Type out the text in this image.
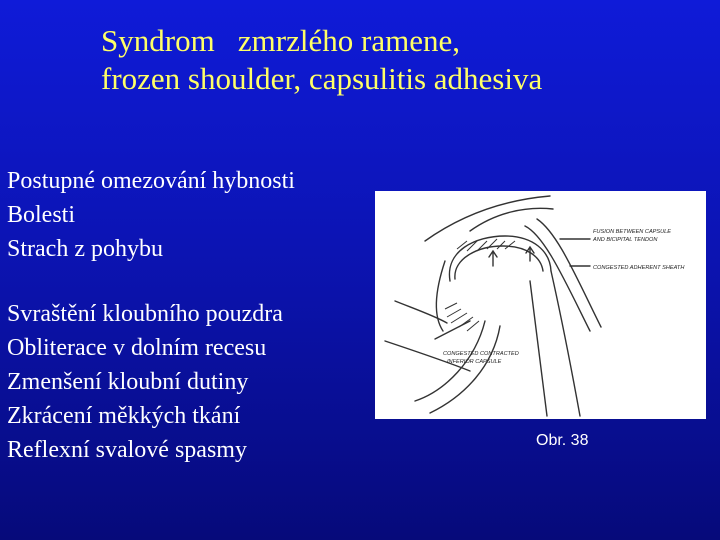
Syndrom   zmrzlého ramene,
frozen shoulder, capsulitis adhesiva
Postupné omezování hybnosti
Bolesti
Strach z pohybu
Svraštění kloubního pouzdra
Obliterace v dolním recesu
Zmenšení kloubní dutiny
Zkrácení měkkých tkání
Reflexní svalové spasmy
FUSION BETWEEN CAPSULE
AND BICIPITAL TENDON
CONGESTED ADHERENT SHEATH
CONGESTED CONTRACTED
INFERIOR CAPSULE
Obr. 38
